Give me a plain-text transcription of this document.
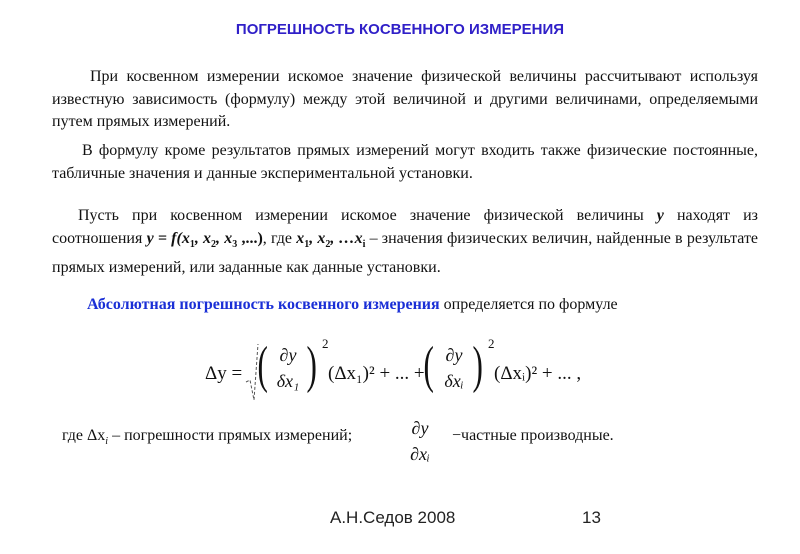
ПОГРЕШНОСТЬ КОСВЕННОГО ИЗМЕРЕНИЯ
При косвенном измерении искомое значение физической величины рассчитывают используя известную зависимость (формулу) между этой величиной и другими величинами, определяемыми путем прямых измерений.
В формулу кроме результатов прямых измерений могут входить также физические постоянные, табличные значения и данные экспериментальной установки.
Пусть при косвенном измерении искомое значение физической величины y находят из соотношения $y = f(x_1$, $x_2$, $x_3$ ,...), где $x_1$, $x_2$, $\dots x_i$ – значения физических величин, найденные в результате прямых измерений, или заданные как данные установки.
Абсолютная погрешность косвенного измерения определяется по формуле
Δy = ( ∂y
δx₁ ) 2
(Δx₁)² + ... +
( ∂y
δxᵢ ) 2
(Δxᵢ)² + ... ,
где $\Delta x_i$ – погрешности прямых измерений;	∂y
∂xᵢ
−частные производные.
А.Н.Седов 2008	13
